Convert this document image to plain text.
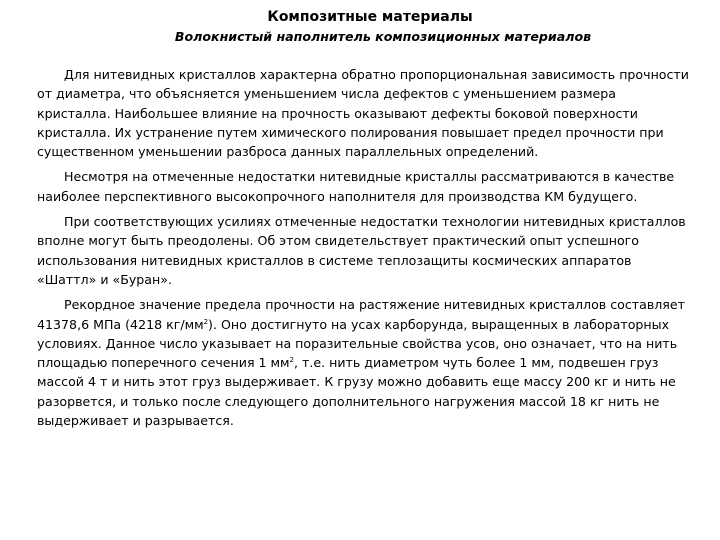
Композитные материалы
Волокнистый наполнитель композиционных материалов

Для нитевидных кристаллов характерна обратно пропорциональная зависимость прочности от диаметра, что объясняется уменьшением числа дефектов с уменьшением размера кристалла. Наибольшее влияние на прочность оказывают дефекты боковой поверхности кристалла. Их устранение путем химического полирования повышает предел прочности при существенном уменьшении разброса данных параллельных определений.

Несмотря на отмеченные недостатки нитевидные кристаллы рассматриваются в качестве наиболее перспективного высокопрочного наполнителя для производства КМ будущего.

При соответствующих усилиях отмеченные недостатки технологии нитевидных кристаллов вполне могут быть преодолены. Об этом свидетельствует практический опыт успешного использования нитевидных кристаллов в системе теплозащиты космических аппаратов «Шаттл» и «Буран».

Рекордное значение предела прочности на растяжение нитевидных кристаллов составляет 41378,6 МПа (4218 $кг/мм^2$). Оно достигнуто на усах карборунда, выращенных в лабораторных условиях. Данное число указывает на поразительные свойства усов, оно означает, что на нить площадью поперечного сечения 1 $мм^2$, т.е. нить диаметром чуть более 1 мм, подвешен груз массой 4 т и нить этот груз выдерживает. К грузу можно добавить еще массу 200 кг и нить не разорвется, и только после следующего дополнительного нагружения массой 18 кг нить не выдерживает и разрывается.
